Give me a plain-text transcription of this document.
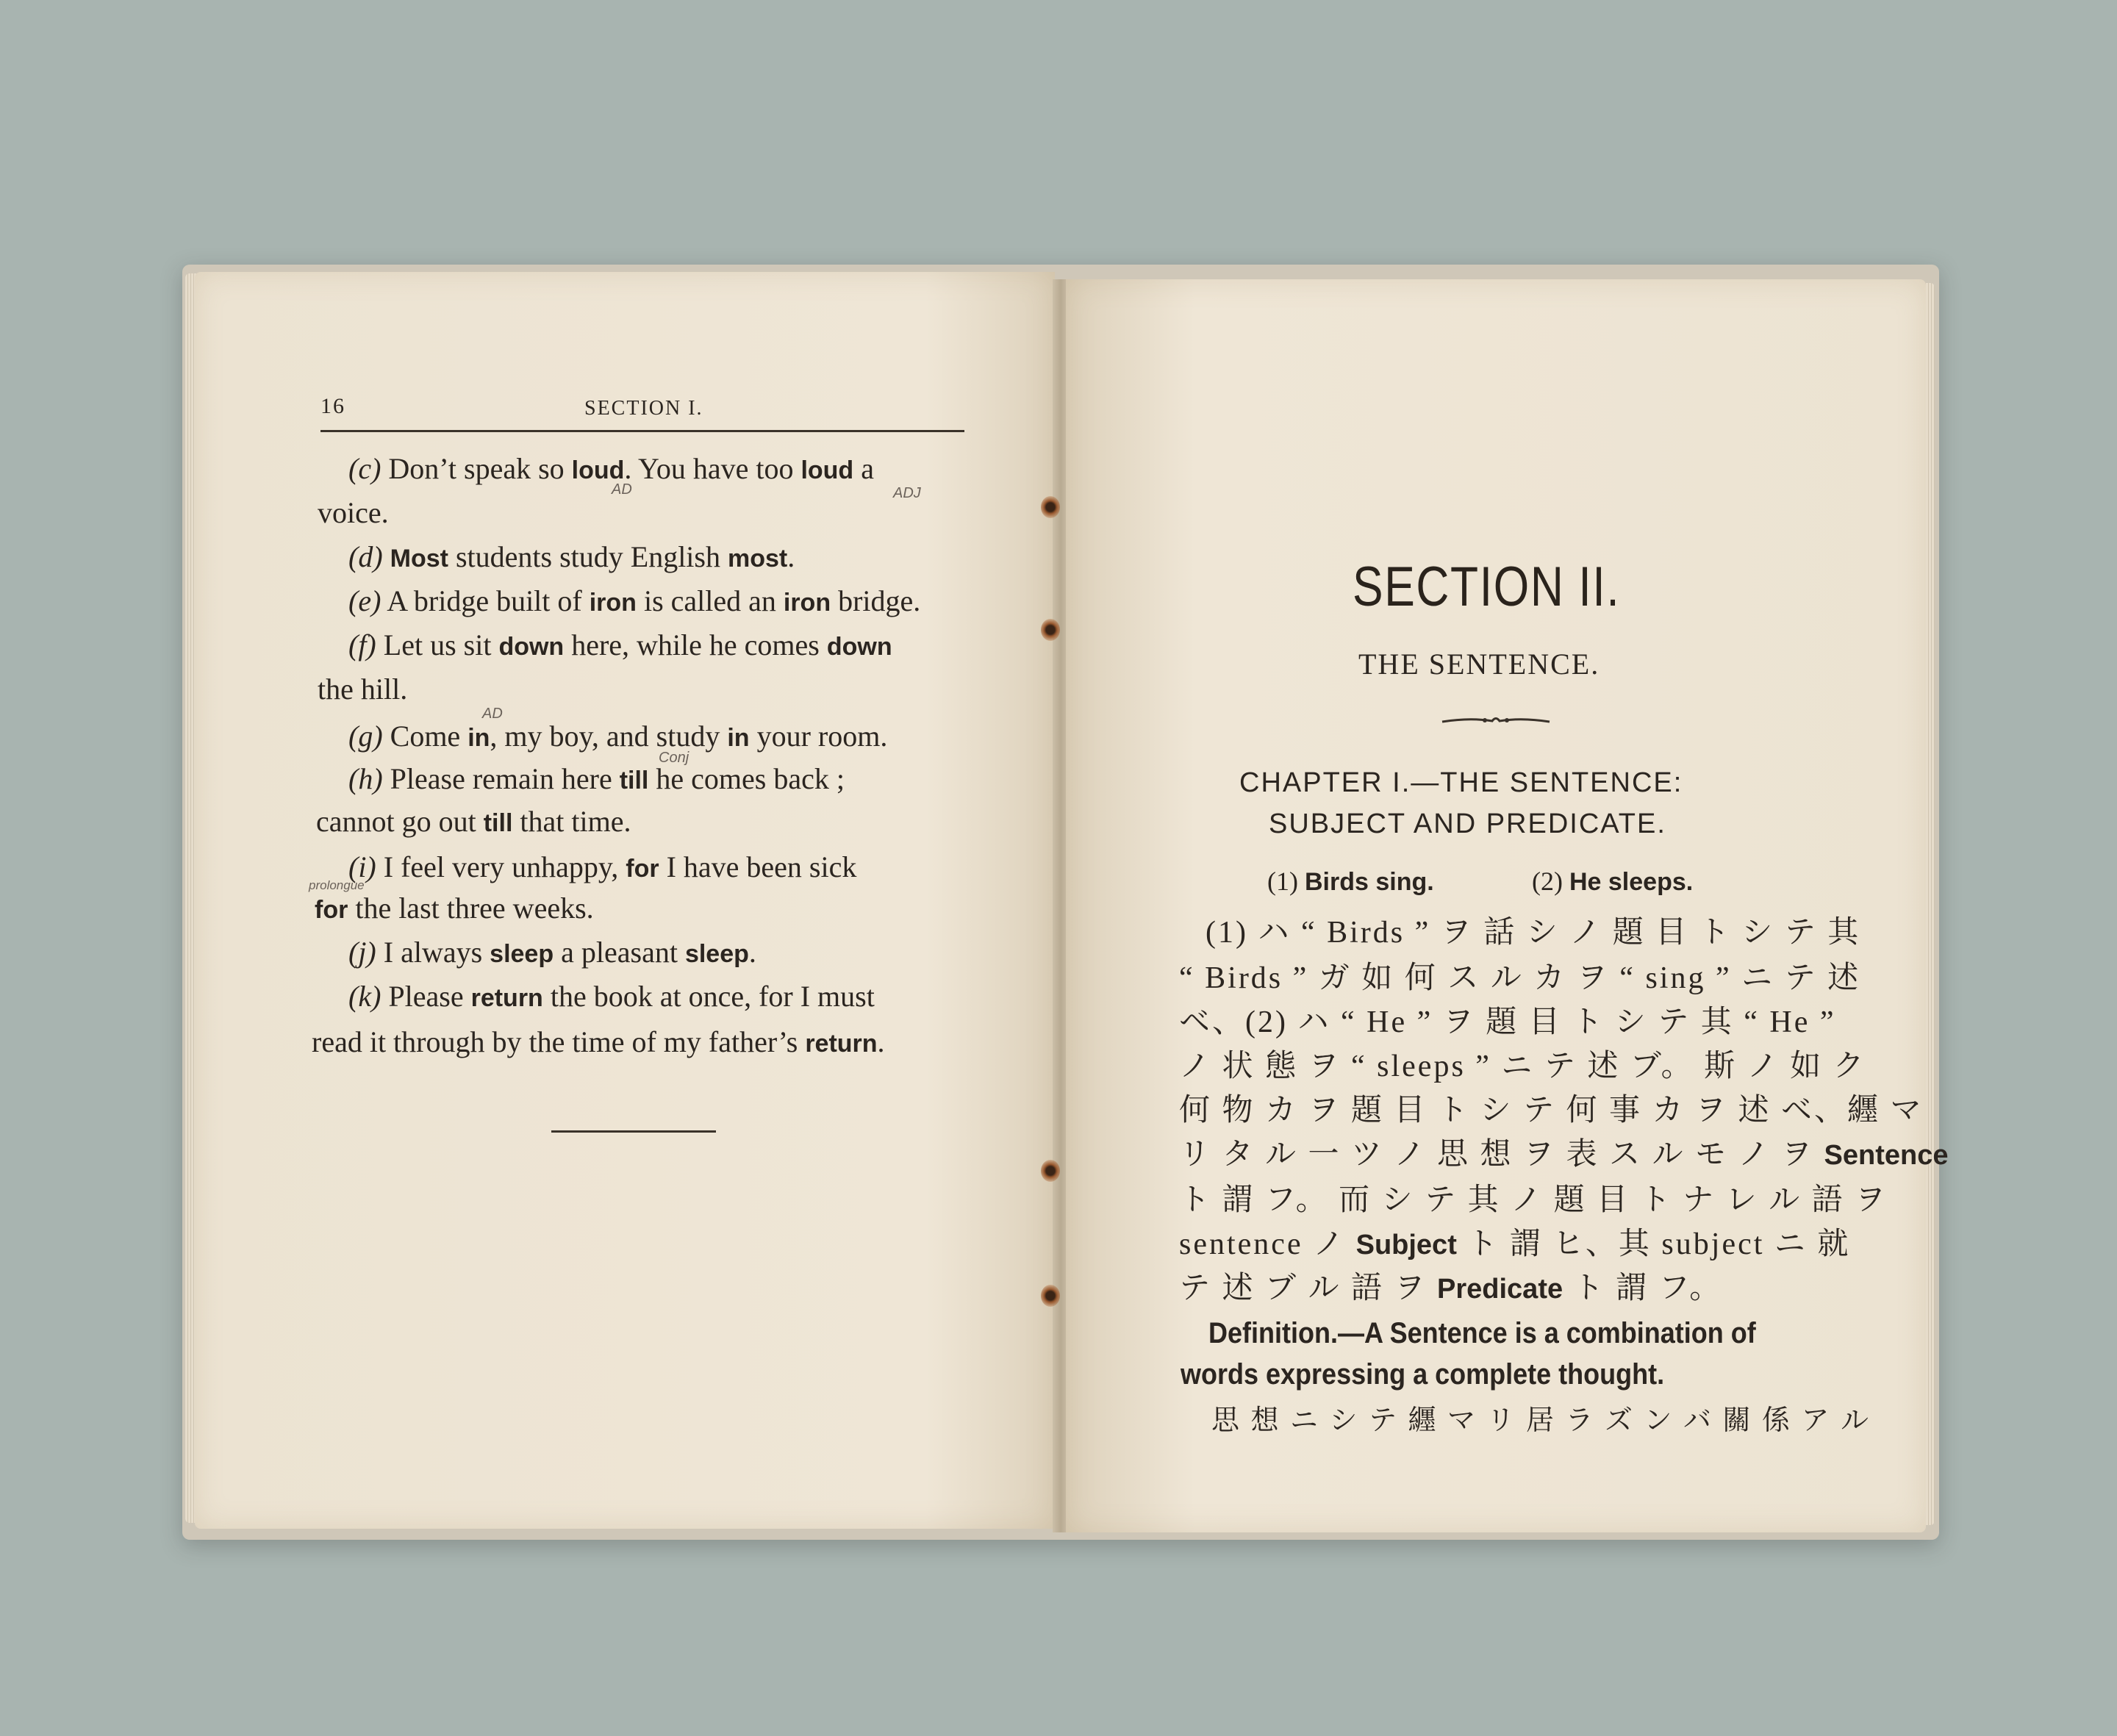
16	SECTION I.
(c) Don’t speak so loud. You have too loud a
voice.
(d) Most students study English most.
(e) A bridge built of iron is called an iron bridge.
(f) Let us sit down here, while he comes down
the hill.
(g) Come in, my boy, and study in your room.
(h) Please remain here till he comes back ;
cannot go out till that time.
(i) I feel very unhappy, for I have been sick
for the last three weeks.
(j) I always sleep a pleasant sleep.
(k) Please return the book at once, for I must
read it through by the time of my father’s return.
AD	ADJ
AD
Conj
prolongue
SECTION II.
THE SENTENCE.
CHAPTER I.—THE SENTENCE:
SUBJECT AND PREDICATE.
(1) Birds sing.	(2) He sleeps.
(1) ハ “ Birds ” ヲ 話 シ ノ 題 目 ト シ テ 其
“ Birds ” ガ 如 何 ス ル カ ヲ “ sing ” ニ テ 述
ベ、(2) ハ “ He ” ヲ 題 目 ト シ テ 其 “ He ”
ノ 状 態 ヲ “ sleeps ” ニ テ 述 ブ。 斯 ノ 如 ク
何 物 カ ヲ 題 目 ト シ テ 何 事 カ ヲ 述 ベ、纒 マ
リ タ ル 一 ツ ノ 思 想 ヲ 表 ス ル モ ノ ヲ Sentence
ト 謂 フ。 而 シ テ 其 ノ 題 目 ト ナ レ ル 語 ヲ
sentence ノ Subject ト 謂 ヒ、其 subject ニ 就
テ 述 ブ ル 語 ヲ Predicate ト 謂 フ。
Definition.—A Sentence is a combination of
words expressing a complete thought.
思 想 ニ シ テ 纒 マ リ 居 ラ ズ ン バ 關 係 ア ル
